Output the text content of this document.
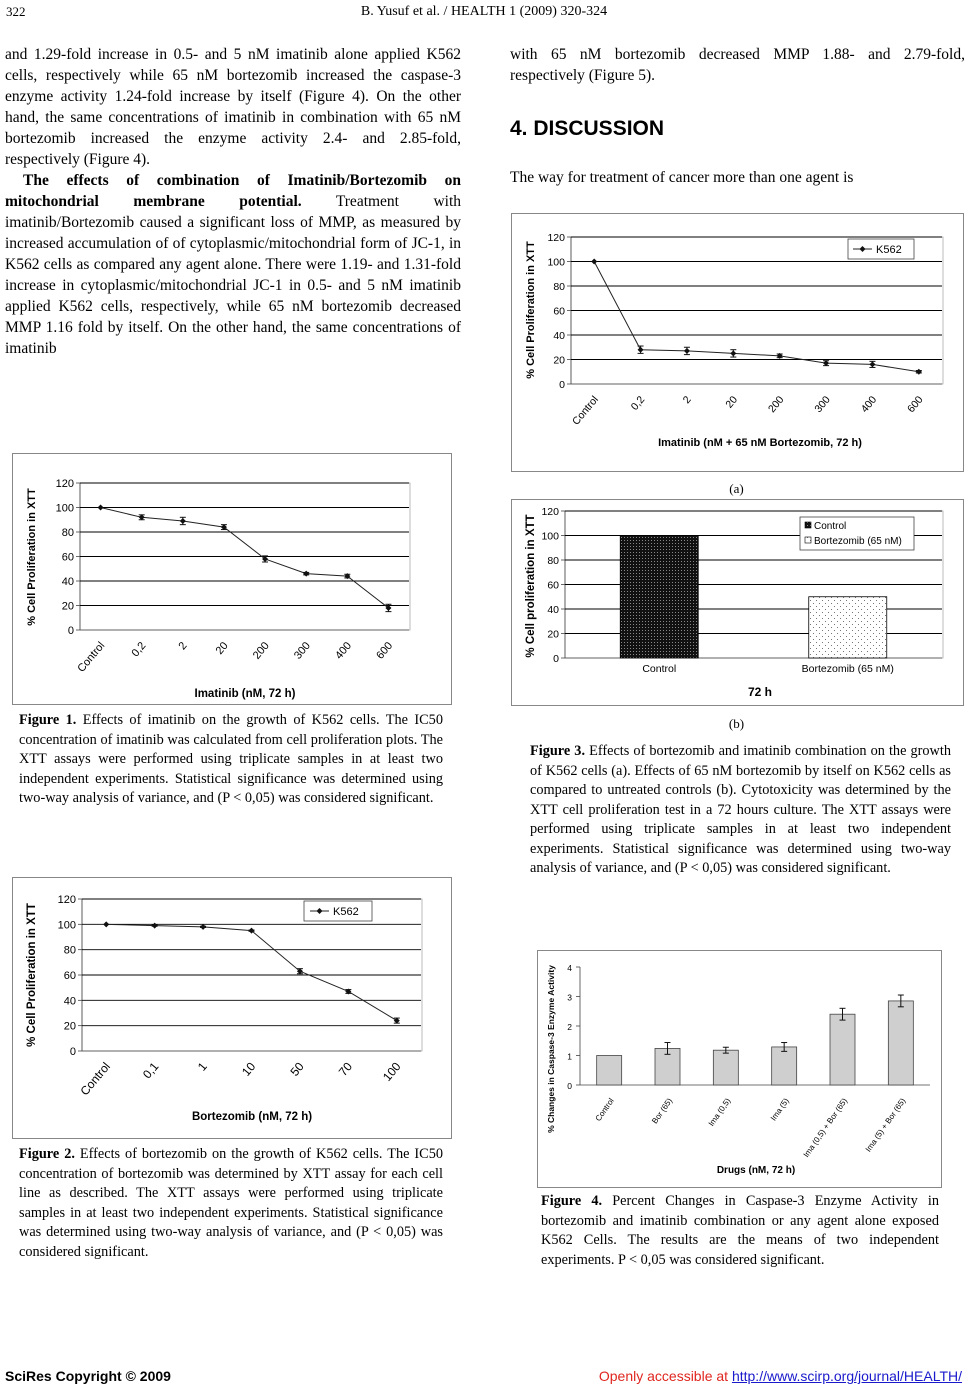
322	B. Yusuf et al. / HEALTH 1 (2009) 320-324

and 1.29-fold increase in 0.5- and 5 nM imatinib alone applied K562 cells, respectively while 65 nM bortezomib increased the caspase-3 enzyme activity 1.24-fold increase by itself (Figure 4). On the other hand, the same concentrations of imatinib in combination with 65 nM bortezomib increased the enzyme activity 2.4- and 2.85-fold, respectively (Figure 4).

The effects of combination of Imatinib/Bortezomib on mitochondrial membrane potential. Treatment with imatinib/Bortezomib caused a significant loss of MMP, as measured by increased accumulation of of cytoplasmic/mitochondrial form of JC-1, in K562 cells as compared any agent alone. There were 1.19- and 1.31-fold increase in cytoplasmic/mitochondrial JC-1 in 0.5- and 5 nM imatinib applied K562 cells, respectively, while 65 nM bortezomib decreased MMP 1.16 fold by itself. On the other hand, the same concentrations of imatinib

with 65 nM bortezomib decreased MMP 1.88- and 2.79-fold, respectively (Figure 5).

4. DISCUSSION
The way for treatment of cancer more than one agent is
0
20
40
60
80
100
120
Control 0,2	2 20 200 300 400 600
Imatinib (nM, 72 h)
% Cell Proliferation in XTT
Figure 1. Effects of imatinib on the growth of K562 cells. The IC50 concentration of imatinib was calculated from cell proliferation plots. The XTT assays were performed using triplicate samples in at least two independent experiments. Statistical significance was determined using two-way analysis of variance, and (P < 0,05) was considered significant.
0
20
40
60
80
100
120
Control 0,1	1 10 50 70 100
K562
Bortezomib (nM, 72 h)
% Cell Proliferation in XTT
Figure 2. Effects of bortezomib on the growth of K562 cells. The IC50 concentration of bortezomib was determined by XTT assay for each cell line as described. The XTT assays were performed using triplicate samples in at least two independent experiments. Statistical significance was determined using two-way analysis of variance, and (P < 0,05) was considered significant.
0
20
40
60
80
100
120
Control	0,2	2	20 200 300 400 600
K562
Imatinib (nM + 65 nM Bortezomib, 72 h)
% Cell Proliferation in XTT
(a)
0
20
40
60
80
100
120
Control	Bortezomib (65 nM)
Control
Bortezomib (65 nM)
72 h
% Cell proliferation in XTT
(b)
Figure 3. Effects of bortezomib and imatinib combination on the growth of K562 cells (a). Effects of 65 nM bortezomib by itself on K562 cells as compared to untreated controls (b). Cytotoxicity was determined by the XTT cell proliferation test in a 72 hours culture. The XTT assays were performed using triplicate samples in at least two independent experiments. Statistical significance was determined using two-way analysis of variance, and (P < 0,05) was considered significant.
0
1
2
3
4
Control	Bor (65)	Ima (0,5)	Ima (5) Ima (0,5) + Bor (65) Ima (5) + Bor (65)
Drugs (nM, 72 h)
% Changes in Caspase-3 Enzyme Activity
Figure 4. Percent Changes in Caspase-3 Enzyme Activity in bortezomib and imatinib combination or any agent alone exposed K562 Cells. The results are the means of two independent experiments. P < 0,05 was considered significant.
SciRes Copyright © 2009	Openly accessible at http://www.scirp.org/journal/HEALTH/
